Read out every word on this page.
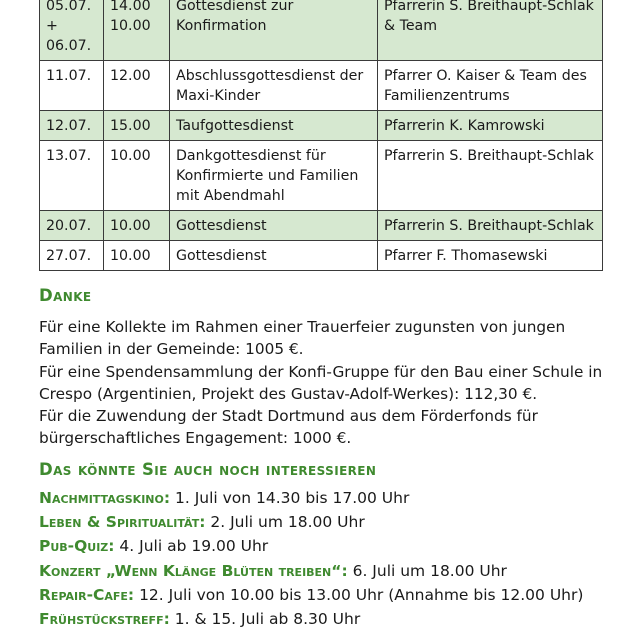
05.07. + 06.07.	14.00 10.00	Gottesdienst zur Konfirmation	Pfarrerin S. Breithaupt-Schlak & Team
11.07.	12.00	Abschlussgottesdienst der Maxi-Kinder	Pfarrer O. Kaiser & Team des Familienzentrums
12.07.	15.00	Taufgottesdienst	Pfarrerin K. Kamrowski
13.07.	10.00	Dankgottesdienst für Konfirmierte und Familien mit Abendmahl	Pfarrerin S. Breithaupt-Schlak
20.07.	10.00	Gottesdienst	Pfarrerin S. Breithaupt-Schlak
27.07.	10.00	Gottesdienst	Pfarrer F. Thomasewski
Danke

Für eine Kollekte im Rahmen einer Trauerfeier zugunsten von jungen Familien in der Gemeinde: 1005 €.

Für eine Spendensammlung der Konfi-Gruppe für den Bau einer Schule in Crespo (Argentinien, Projekt des Gustav-Adolf-Werkes): 112,30 €.

Für die Zuwendung der Stadt Dortmund aus dem Förderfonds für bürgerschaftliches Engagement: 1000 €.

Das könnte Sie auch noch interessieren
Nachmittagskino: 1. Juli von 14.30 bis 17.00 Uhr
Leben & Spiritualität: 2. Juli um 18.00 Uhr
Pub-Quiz: 4. Juli ab 19.00 Uhr
Konzert „Wenn Klänge Blüten treiben“: 6. Juli um 18.00 Uhr
Repair-Cafe: 12. Juli von 10.00 bis 13.00 Uhr (Annahme bis 12.00 Uhr)
Frühstückstreff: 1. & 15. Juli ab 8.30 Uhr
